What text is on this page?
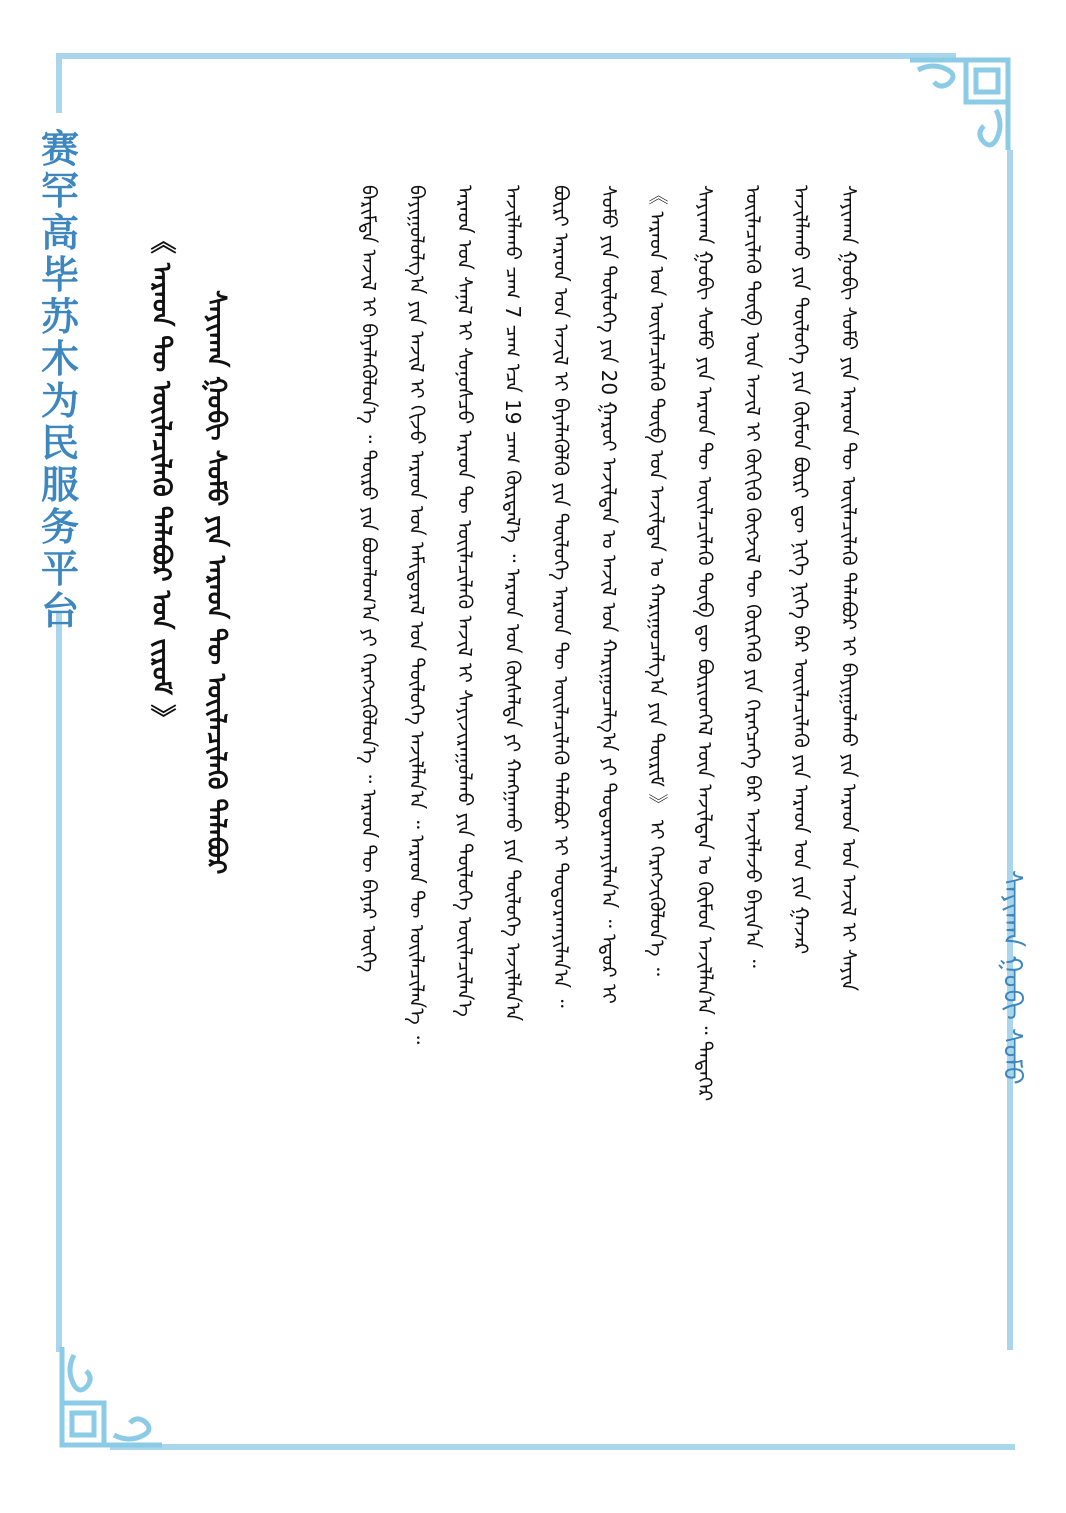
赛罕高毕苏木为民服务平台
ᠰᠠᠶᠢᠬᠠᠨ ᠭᠣᠪᠢ ᠰᠤᠮᠤ
ᠰᠠᠶᠢᠬᠠᠨ ᠭᠣᠪᠢ ᠰᠤᠮᠤ ᠶᠢᠨ ᠠᠷᠠᠳ ᠲᠦ ᠦᠢᠯᠡᠴᠢᠯᠡᠬᠦ ᠲᠠᠯᠠᠪᠤᠷ
《 ᠠᠷᠠᠳ ᠲᠦ ᠦᠢᠯᠡᠴᠢᠯᠡᠬᠦ ᠲᠠᠯᠠᠪᠤᠷ ᠤᠨ ᠵᠢᠷᠤᠮ 》	ᠰᠠᠶᠢᠬᠠᠨ ᠭᠣᠪᠢ ᠰᠤᠮᠤ ᠶᠢᠨ ᠠᠷᠠᠳ ᠲᠦ ᠦᠢᠯᠡᠴᠢᠯᠡᠬᠦ ᠲᠠᠯᠠᠪᠤᠷ ᠢ ᠪᠠᠶᠢᠭᠤᠯᠬᠤ ᠶᠢᠨ ᠠᠷᠠᠳ ᠤᠨ ᠠᠵᠢᠯ ᠢ ᠰᠠᠶᠢᠨ
ᠠᠵᠢᠯᠯᠠᠬᠤ ᠶᠢᠨ ᠲᠥᠯᠥᠭᠡ ᠶᠢᠨ ᠬᠦᠮᠦᠨ ᠪᠦᠷᠢ ᠳᠦ ᠨᠢᠭᠡ ᠨᠢᠭᠡ ᠪᠡᠷ ᠦᠢᠯᠡᠴᠢᠯᠡᠬᠦ ᠶᠢᠨ ᠠᠷᠠᠳ ᠤᠨ ᠶᠢᠨ ᠭᠠᠵᠠᠷ
ᠦᠢᠯᠡᠴᠢᠯᠡᠬᠦ ᠲᠦᠪ ᠦᠨ ᠠᠵᠢᠯ ᠢ ᠬᠥᠬᠢᠬᠦ ᠬᠥᠭᠵᠢᠯ ᠲᠦ ᠬᠦᠷᠭᠡᠬᠦ ᠶᠢᠨ ᠬᠡᠷᠡᠭᠴᠡᠭᠡ ᠪᠠᠷ ᠠᠵᠢᠯᠯᠠᠵᠤ ᠪᠠᠶᠢᠨ᠎ᠠ ᠃
ᠰᠠᠶᠢᠬᠠᠨ ᠭᠣᠪᠢ ᠰᠤᠮᠤ ᠶᠢᠨ ᠠᠷᠠᠳ ᠲᠦ ᠦᠢᠯᠡᠴᠢᠯᠡᠬᠦ ᠲᠦᠪ ᠳᠦ ᠪᠦᠷᠢᠳᠬᠡᠯ ᠦᠨ ᠠᠵᠢᠯᠲᠠᠨ ᠤ ᠬᠦᠮᠦᠨ ᠠᠵᠢᠯᠯᠠᠨ᠎ᠠ ᠃ ᠲᠡᠳᠡᠭᠡᠷ
《 ᠠᠷᠠᠳ ᠤᠨ ᠦᠢᠯᠡᠴᠢᠯᠡᠬᠦ ᠲᠦᠪ ᠤᠨ ᠠᠵᠢᠯᠲᠠᠨ ᠤ ᠬᠠᠷᠢᠭᠤᠴᠠᠯᠭ᠎ᠠ ᠶᠢᠨ ᠳᠦᠷᠢᠮ 》 ᠢ ᠬᠡᠷᠡᠭᠵᠢᠭᠦᠯᠦᠨ᠎ᠡ ᠃
ᠰᠤᠮᠤ ᠶᠢᠨ ᠲᠥᠯᠥᠭᠡ ᠶᠢᠨ 20 ᠭᠠᠷᠤᠢ ᠠᠵᠢᠯᠲᠠᠨ ᠤ ᠠᠵᠢᠯ ᠤᠨ ᠬᠠᠷᠢᠭᠤᠴᠠᠯᠭ᠎ᠠ ᠶᠢ ᠲᠣᠳᠣᠷᠬᠠᠶᠢᠯᠠᠨ᠎ᠠ ᠃ ᠡᠳᠦᠷ ᠢ
ᠪᠦᠷᠢ ᠠᠷᠠᠳ ᠤᠨ ᠠᠵᠢᠯ ᠢ ᠪᠡᠶᠡᠯᠡᠭᠦᠯᠬᠦ ᠶᠢᠨ ᠲᠥᠯᠥᠭᠡ ᠠᠷᠠᠳ ᠲᠦ ᠦᠢᠯᠡᠴᠢᠯᠡᠬᠦ ᠲᠠᠯᠠᠪᠤᠷ ᠢ ᠲᠣᠳᠣᠷᠬᠠᠶᠢᠯᠠᠨ᠎ᠠ ᠃
ᠠᠵᠢᠯᠯᠠᠬᠤ ᠴᠠᠭ 7 ᠴᠠᠭ ᠡᠴᠡ 19 ᠴᠠᠭ ᠬᠦᠷᠲᠡᠯ᠎ᠡ ᠃ ᠠᠷᠠᠳ ᠤᠨ ᠬᠦᠰᠡᠯᠲᠡ ᠶᠢ ᠬᠠᠩᠭᠠᠬᠤ ᠶᠢᠨ ᠲᠥᠯᠥᠭᠡ ᠠᠵᠢᠯᠯᠠᠨ᠎ᠠ
ᠠᠷᠠᠳ ᠤᠨ ᠰᠠᠨᠠᠯ ᠢ ᠰᠣᠨᠣᠰᠴᠤ ᠠᠷᠠᠳ ᠲᠦ ᠦᠢᠯᠡᠴᠢᠯᠡᠬᠦ ᠠᠵᠢᠯ ᠢ ᠰᠠᠶᠢᠵᠢᠷᠠᠭᠤᠯᠬᠤ ᠶᠢᠨ ᠲᠥᠯᠥᠭᠡ ᠦᠢᠯᠡᠴᠢᠯᠡᠨ᠎ᠡ
ᠪᠠᠶᠢᠭᠤᠯᠤᠯᠭ᠎ᠠ ᠶᠢᠨ ᠠᠵᠢᠯ ᠢ ᠬᠢᠵᠦ ᠠᠷᠠᠳ ᠤᠨ ᠠᠮᠢᠳᠤᠷᠠᠯ ᠤᠨ ᠲᠥᠯᠥᠭᠡ ᠠᠵᠢᠯᠯᠠᠨ᠎ᠠ ᠃ ᠠᠷᠠᠳ ᠲᠦ ᠦᠢᠯᠡᠴᠢᠯᠡᠨ᠎ᠡ ᠃
ᠪᠠᠷᠢᠮᠲᠠ ᠠᠵᠢᠯ ᠢ ᠪᠡᠶᠡᠯᠡᠭᠦᠯᠦᠨ᠎ᠡ ᠃ ᠲᠥᠷᠥ ᠶᠢᠨ ᠪᠣᠳᠯᠣᠭ᠎ᠠ ᠶᠢ ᠬᠡᠷᠡᠭᠵᠢᠭᠦᠯᠦᠨ᠎ᠡ ᠃ ᠠᠷᠠᠳ ᠲᠦ ᠪᠠᠶᠠᠷ ᠦᠭᠡ
